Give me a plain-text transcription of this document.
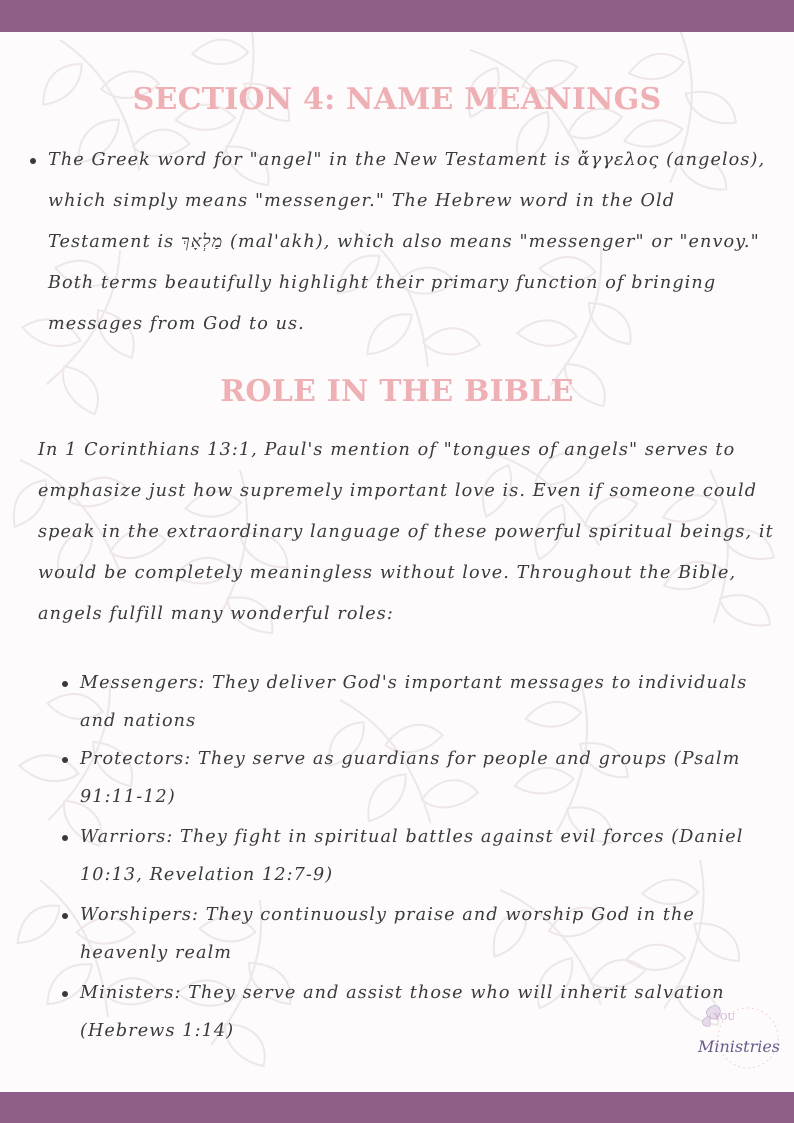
SECTION 4: NAME MEANINGS
The Greek word for "angel" in the New Testament is ἄγγελος (angelos), which simply means "messenger." The Hebrew word in the Old Testament is מַלְאָךְ (mal'akh), which also means "messenger" or "envoy." Both terms beautifully highlight their primary function of bringing messages from God to us.
ROLE IN THE BIBLE

In 1 Corinthians 13:1, Paul's mention of "tongues of angels" serves to emphasize just how supremely important love is. Even if someone could speak in the extraordinary language of these powerful spiritual beings, it would be completely meaningless without love. Throughout the Bible, angels fulfill many wonderful roles:

Messengers: They deliver God's important messages to individuals and nations
Protectors: They serve as guardians for people and groups (Psalm 91:11-12)
Warriors: They fight in spiritual battles against evil forces (Daniel 10:13, Revelation 12:7-9)
Worshipers: They continuously praise and worship God in the heavenly realm
Ministers: They serve and assist those who will inherit salvation (Hebrews 1:14)
YOU
Ministries
